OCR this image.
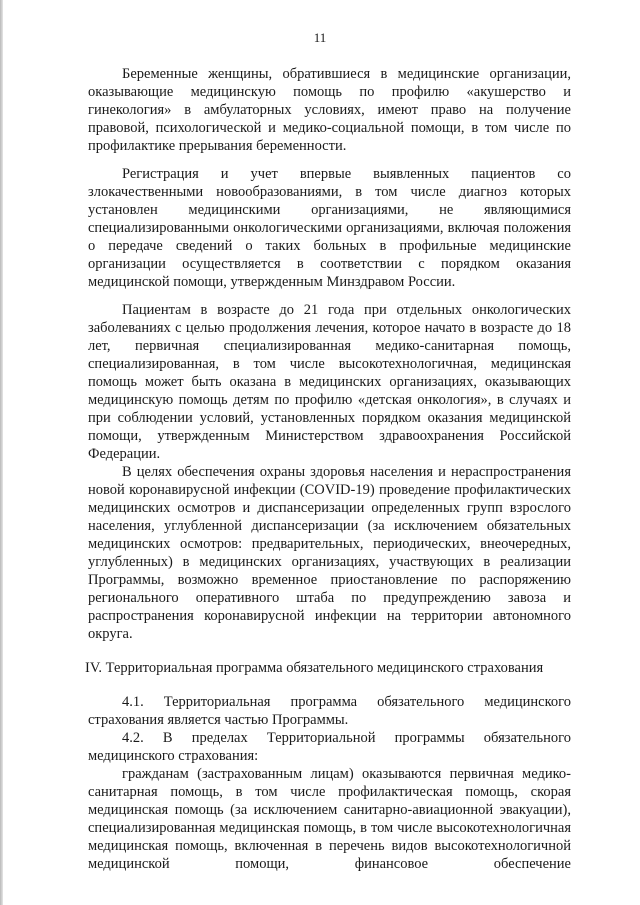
11

Беременные женщины, обратившиеся в медицинские организации, оказывающие медицинскую помощь по профилю «акушерство и гинекология» в амбулаторных условиях, имеют право на получение правовой, психологической и медико-социальной помощи, в том числе по профилактике прерывания беременности.

Регистрация и учет впервые выявленных пациентов со злокачественными новообразованиями, в том числе диагноз которых установлен медицинскими организациями, не являющимися специализированными онкологическими организациями, включая положения о передаче сведений о таких больных в профильные медицинские организации осуществляется в соответствии с порядком оказания медицинской помощи, утвержденным Минздравом России.

Пациентам в возрасте до 21 года при отдельных онкологических заболеваниях с целью продолжения лечения, которое начато в возрасте до 18 лет, первичная специализированная медико-санитарная помощь, специализированная, в том числе высокотехнологичная, медицинская помощь может быть оказана в медицинских организациях, оказывающих медицинскую помощь детям по профилю «детская онкология», в случаях и при соблюдении условий, установленных порядком оказания медицинской помощи, утвержденным Министерством здравоохранения Российской Федерации.

В целях обеспечения охраны здоровья населения и нераспространения новой коронавирусной инфекции (COVID-19) проведение профилактических медицинских осмотров и диспансеризации определенных групп взрослого населения, углубленной диспансеризации (за исключением обязательных медицинских осмотров: предварительных, периодических, внеочередных, углубленных) в медицинских организациях, участвующих в реализации Программы, возможно временное приостановление по распоряжению регионального оперативного штаба по предупреждению завоза и распространения коронавирусной инфекции на территории автономного округа.

IV. Территориальная программа обязательного медицинского страхования

4.1. Территориальная программа обязательного медицинского страхования является частью Программы.

4.2. В пределах Территориальной программы обязательного медицинского страхования:

гражданам (застрахованным лицам) оказываются первичная медико-санитарная помощь, в том числе профилактическая помощь, скорая медицинская помощь (за исключением санитарно-авиационной эвакуации), специализированная медицинская помощь, в том числе высокотехнологичная медицинская помощь, включенная в перечень видов высокотехнологичной медицинской помощи, финансовое обеспечение
